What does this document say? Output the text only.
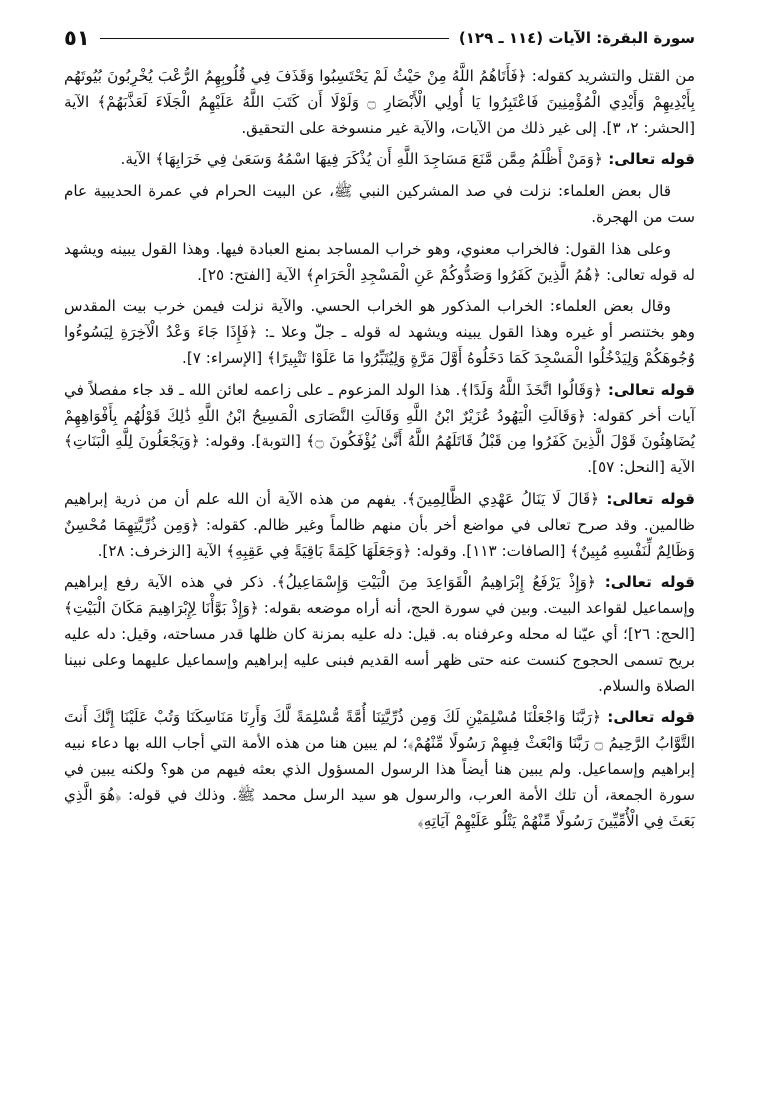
سورة البقرة: الآيات (١١٤ ـ ١٢٩)
٥١

من القتل والتشريد كقوله: ﴿فَأَتَاهُمُ اللَّهُ مِنْ حَيْثُ لَمْ يَحْتَسِبُوا وَقَذَفَ فِي قُلُوبِهِمُ الرُّعْبَ يُخْرِبُونَ بُيُوتَهُم بِأَيْدِيهِمْ وَأَيْدِي الْمُؤْمِنِينَ فَاعْتَبِرُوا يَا أُولِي الْأَبْصَارِ ۝ وَلَوْلَا أَن كَتَبَ اللَّهُ عَلَيْهِمُ الْجَلَاءَ لَعَذَّبَهُمْ﴾ الآية [الحشر: ٢، ٣]. إلى غير ذلك من الآيات، والآية غير منسوخة على التحقيق.

قوله تعالى: ﴿وَمَنْ أَظْلَمُ مِمَّن مَّنَعَ مَسَاجِدَ اللَّهِ أَن يُذْكَرَ فِيهَا اسْمُهُ وَسَعَىٰ فِي خَرَابِهَا﴾ الآية.

قال بعض العلماء: نزلت في صد المشركين النبي ﷺ، عن البيت الحرام في عمرة الحديبية عام ست من الهجرة.

وعلى هذا القول: فالخراب معنوي، وهو خراب المساجد بمنع العبادة فيها. وهذا القول يبينه ويشهد له قوله تعالى: ﴿هُمُ الَّذِينَ كَفَرُوا وَصَدُّوكُمْ عَنِ الْمَسْجِدِ الْحَرَامِ﴾ الآية [الفتح: ٢٥].

وقال بعض العلماء: الخراب المذكور هو الخراب الحسي. والآية نزلت فيمن خرب بيت المقدس وهو بختنصر أو غيره وهذا القول يبينه ويشهد له قوله ـ جلّ وعلا ـ: ﴿فَإِذَا جَاءَ وَعْدُ الْآخِرَةِ لِيَسُوءُوا وُجُوهَكُمْ وَلِيَدْخُلُوا الْمَسْجِدَ كَمَا دَخَلُوهُ أَوَّلَ مَرَّةٍ وَلِيُتَبِّرُوا مَا عَلَوْا تَتْبِيرًا﴾ [الإسراء: ٧].

قوله تعالى: ﴿وَقَالُوا اتَّخَذَ اللَّهُ وَلَدًا﴾. هذا الولد المزعوم ـ على زاعمه لعائن الله ـ قد جاء مفصلاً في آيات أخر كقوله: ﴿وَقَالَتِ الْيَهُودُ عُزَيْرٌ ابْنُ اللَّهِ وَقَالَتِ النَّصَارَى الْمَسِيحُ ابْنُ اللَّهِ ذَٰلِكَ قَوْلُهُم بِأَفْوَاهِهِمْ يُضَاهِئُونَ قَوْلَ الَّذِينَ كَفَرُوا مِن قَبْلُ قَاتَلَهُمُ اللَّهُ أَنَّىٰ يُؤْفَكُونَ ۝﴾ [التوبة]. وقوله: ﴿وَيَجْعَلُونَ لِلَّهِ الْبَنَاتِ﴾ الآية [النحل: ٥٧].

قوله تعالى: ﴿قَالَ لَا يَنَالُ عَهْدِي الظَّالِمِينَ﴾. يفهم من هذه الآية أن الله علم أن من ذرية إبراهيم ظالمين. وقد صرح تعالى في مواضع أخر بأن منهم ظالماً وغير ظالم. كقوله: ﴿وَمِن ذُرِّيَّتِهِمَا مُحْسِنٌ وَظَالِمٌ لِّنَفْسِهِ مُبِينٌ﴾ [الصافات: ١١٣]. وقوله: ﴿وَجَعَلَهَا كَلِمَةً بَاقِيَةً فِي عَقِبِهِ﴾ الآية [الزخرف: ٢٨].

قوله تعالى: ﴿وَإِذْ يَرْفَعُ إِبْرَاهِيمُ الْقَوَاعِدَ مِنَ الْبَيْتِ وَإِسْمَاعِيلُ﴾. ذكر في هذه الآية رفع إبراهيم وإسماعيل لقواعد البيت. وبين في سورة الحج، أنه أراه موضعه بقوله: ﴿وَإِذْ بَوَّأْنَا لِإِبْرَاهِيمَ مَكَانَ الْبَيْتِ﴾ [الحج: ٢٦]؛ أي عيّنا له محله وعرفناه به. قيل: دله عليه بمزنة كان ظلها قدر مساحته، وقيل: دله عليه بريح تسمى الحجوج كنست عنه حتى ظهر أسه القديم فبنى عليه إبراهيم وإسماعيل عليهما وعلى نبينا الصلاة والسلام.

قوله تعالى: ﴿رَبَّنَا وَاجْعَلْنَا مُسْلِمَيْنِ لَكَ وَمِن ذُرِّيَّتِنَا أُمَّةً مُّسْلِمَةً لَّكَ وَأَرِنَا مَنَاسِكَنَا وَتُبْ عَلَيْنَا إِنَّكَ أَنتَ التَّوَّابُ الرَّحِيمُ ۝ رَبَّنَا وَابْعَثْ فِيهِمْ رَسُولًا مِّنْهُمْ﴾؛ لم يبين هنا من هذه الأمة التي أجاب الله بها دعاء نبيه إبراهيم وإسماعيل. ولم يبين هنا أيضاً هذا الرسول المسؤول الذي بعثه فيهم من هو؟ ولكنه يبين في سورة الجمعة، أن تلك الأمة العرب، والرسول هو سيد الرسل محمد ﷺ. وذلك في قوله: ﴿هُوَ الَّذِي بَعَثَ فِي الْأُمِّيِّينَ رَسُولًا مِّنْهُمْ يَتْلُو عَلَيْهِمْ آيَاتِهِ﴾
